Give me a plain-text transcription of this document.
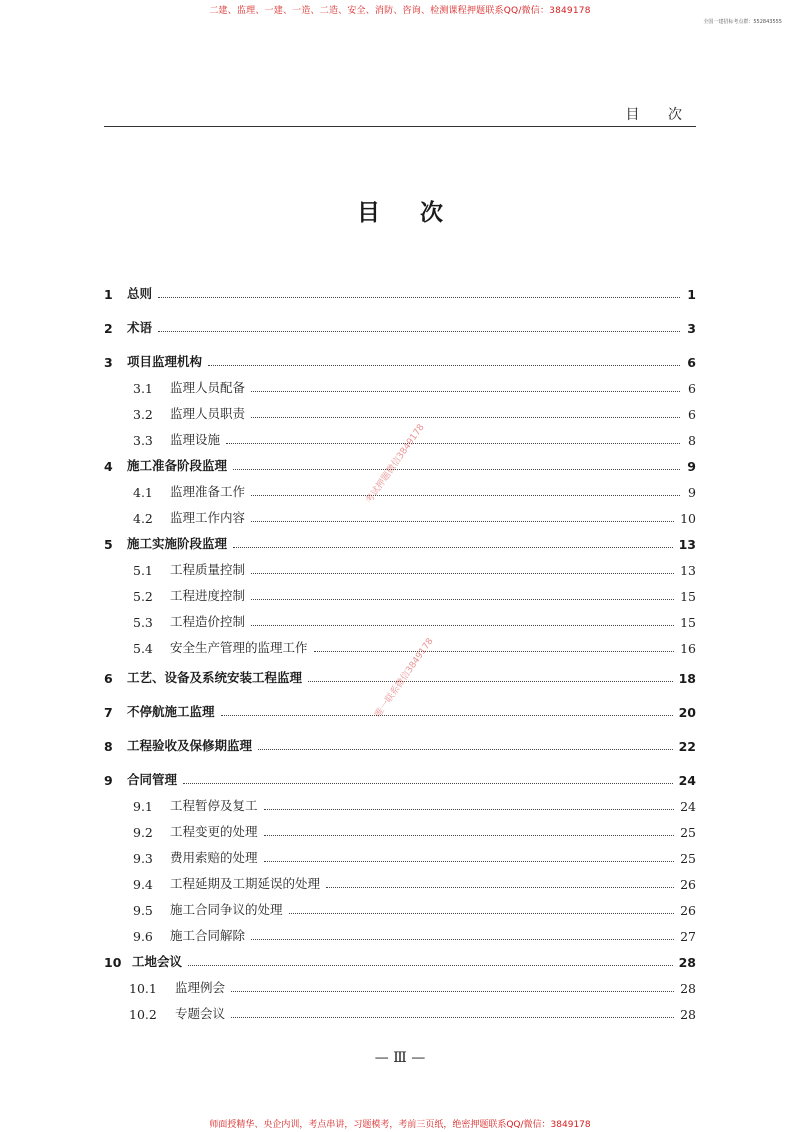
二建、监理、一建、一造、二造、安全、消防、咨询、检测课程押题联系QQ/微信：3849178
全国一建招标考点群：552843555
目 次
目 次
1	总则	1
2	术语	3
3	项目监理机构	6
3.1	监理人员配备	6
3.2	监理人员职责	6
3.3	监理设施	8
4	施工准备阶段监理	9
4.1	监理准备工作	9
4.2	监理工作内容	10
5	施工实施阶段监理	13
5.1	工程质量控制	13
5.2	工程进度控制	15
5.3	工程造价控制	15
5.4	安全生产管理的监理工作	16
6	工艺、设备及系统安装工程监理	18
7	不停航施工监理	20
8	工程验收及保修期监理	22
9	合同管理	24
9.1	工程暂停及复工	24
9.2	工程变更的处理	25
9.3	费用索赔的处理	25
9.4	工程延期及工期延误的处理	26
9.5	施工合同争议的处理	26
9.6	施工合同解除	27
10 工地会议	28
10.1	监理例会	28
10.2	专题会议	28
考试押题微信3849178
唯一联系微信3849178
— Ⅲ —
师面授精华、央企内训，考点串讲，习题模考，考前三页纸，绝密押题联系QQ/微信：3849178
